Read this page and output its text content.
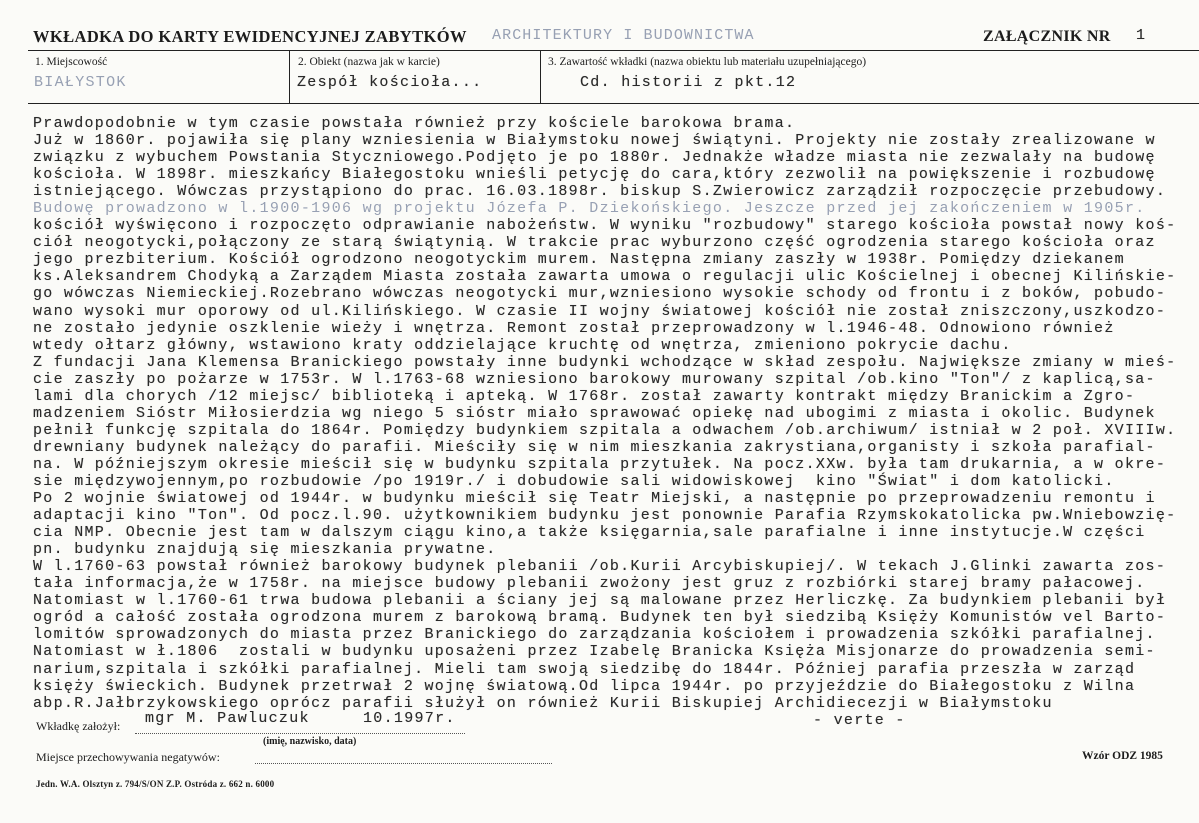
WKŁADKA DO KARTY EWIDENCYJNEJ ZABYTKÓW ARCHITEKTURY I BUDOWNICTWA	ZAŁĄCZNIK NR 1
1. Miejscowość
BIAŁYSTOK
2. Obiekt (nazwa jak w karcie)
Zespół kościoła...
3. Zawartość wkładki (nazwa obiektu lub materiału uzupełniającego)
Cd. historii z pkt.12
Prawdopodobnie w tym czasie powstała również przy kościele barokowa brama.
Już w 1860r. pojawiła się plany wzniesienia w Białymstoku nowej świątyni. Projekty nie zostały zrealizowane w
związku z wybuchem Powstania Styczniowego.Podjęto je po 1880r. Jednakże władze miasta nie zezwalały na budowę
kościoła. W 1898r. mieszkańcy Białegostoku wnieśli petycję do cara,który zezwolił na powiększenie i rozbudowę
istniejącego. Wówczas przystąpiono do prac. 16.03.1898r. biskup S.Zwierowicz zarządził rozpoczęcie przebudowy.
Budowę prowadzono w l.1900-1906 wg projektu Józefa P. Dziekońskiego. Jeszcze przed jej zakończeniem w 1905r.
kościół wyświęcono i rozpoczęto odprawianie nabożeństw. W wyniku "rozbudowy" starego kościoła powstał nowy koś-
ciół neogotycki,połączony ze starą świątynią. W trakcie prac wyburzono część ogrodzenia starego kościoła oraz
jego prezbiterium. Kościół ogrodzono neogotyckim murem. Następna zmiany zaszły w 1938r. Pomiędzy dziekanem
ks.Aleksandrem Chodyką a Zarządem Miasta została zawarta umowa o regulacji ulic Kościelnej i obecnej Kilińskie-
go wówczas Niemieckiej.Rozebrano wówczas neogotycki mur,wzniesiono wysokie schody od frontu i z boków, pobudo-
wano wysoki mur oporowy od ul.Kilińskiego. W czasie II wojny światowej kościół nie został zniszczony,uszkodzo-
ne zostało jedynie oszklenie wieży i wnętrza. Remont został przeprowadzony w l.1946-48. Odnowiono również
wtedy ołtarz główny, wstawiono kraty oddzielające kruchtę od wnętrza, zmieniono pokrycie dachu.
Z fundacji Jana Klemensa Branickiego powstały inne budynki wchodzące w skład zespołu. Największe zmiany w mieś-
cie zaszły po pożarze w 1753r. W l.1763-68 wzniesiono barokowy murowany szpital /ob.kino "Ton"/ z kaplicą,sa-
lami dla chorych /12 miejsc/ biblioteką i apteką. W 1768r. został zawarty kontrakt między Branickim a Zgro-
madzeniem Sióstr Miłosierdzia wg niego 5 sióstr miało sprawować opiekę nad ubogimi z miasta i okolic. Budynek
pełnił funkcję szpitala do 1864r. Pomiędzy budynkiem szpitala a odwachem /ob.archiwum/ istniał w 2 poł. XVIIIw.
drewniany budynek należący do parafii. Mieściły się w nim mieszkania zakrystiana,organisty i szkoła parafial-
na. W późniejszym okresie mieścił się w budynku szpitala przytułek. Na pocz.XXw. była tam drukarnia, a w okre-
sie międzywojennym,po rozbudowie /po 1919r./ i dobudowie sali widowiskowej  kino "Świat" i dom katolicki.
Po 2 wojnie światowej od 1944r. w budynku mieścił się Teatr Miejski, a następnie po przeprowadzeniu remontu i
adaptacji kino "Ton". Od pocz.l.90. użytkownikiem budynku jest ponownie Parafia Rzymskokatolicka pw.Wniebowzię-
cia NMP. Obecnie jest tam w dalszym ciągu kino,a także księgarnia,sale parafialne i inne instytucje.W części
pn. budynku znajdują się mieszkania prywatne.
W l.1760-63 powstał również barokowy budynek plebanii /ob.Kurii Arcybiskupiej/. W tekach J.Glinki zawarta zos-
tała informacja,że w 1758r. na miejsce budowy plebanii zwożony jest gruz z rozbiórki starej bramy pałacowej.
Natomiast w l.1760-61 trwa budowa plebanii a ściany jej są malowane przez Herliczkę. Za budynkiem plebanii był
ogród a całość została ogrodzona murem z barokową bramą. Budynek ten był siedzibą Księży Komunistów vel Barto-
lomitów sprowadzonych do miasta przez Branickiego do zarządzania kościołem i prowadzenia szkółki parafialnej.
Natomiast w ł.1806  zostali w budynku uposażeni przez Izabelę Branicka Księża Misjonarze do prowadzenia semi-
narium,szpitala i szkółki parafialnej. Mieli tam swoją siedzibę do 1844r. Później parafia przeszła w zarząd
księży świeckich. Budynek przetrwał 2 wojnę światową.Od lipca 1944r. po przyjeździe do Białegostoku z Wilna
abp.R.Jałbrzykowskiego oprócz parafii służył on również Kurii Biskupiej Archidiecezji w Białymstoku
Wkładkę założył: mgr M. Pawluczuk	10.1997r.
(imię, nazwisko, data)
- verte -
Wzór ODZ 1985
Miejsce przechowywania negatywów:
Jedn. W.A. Olsztyn z. 794/S/ON Z.P. Ostróda z. 662 n. 6000
